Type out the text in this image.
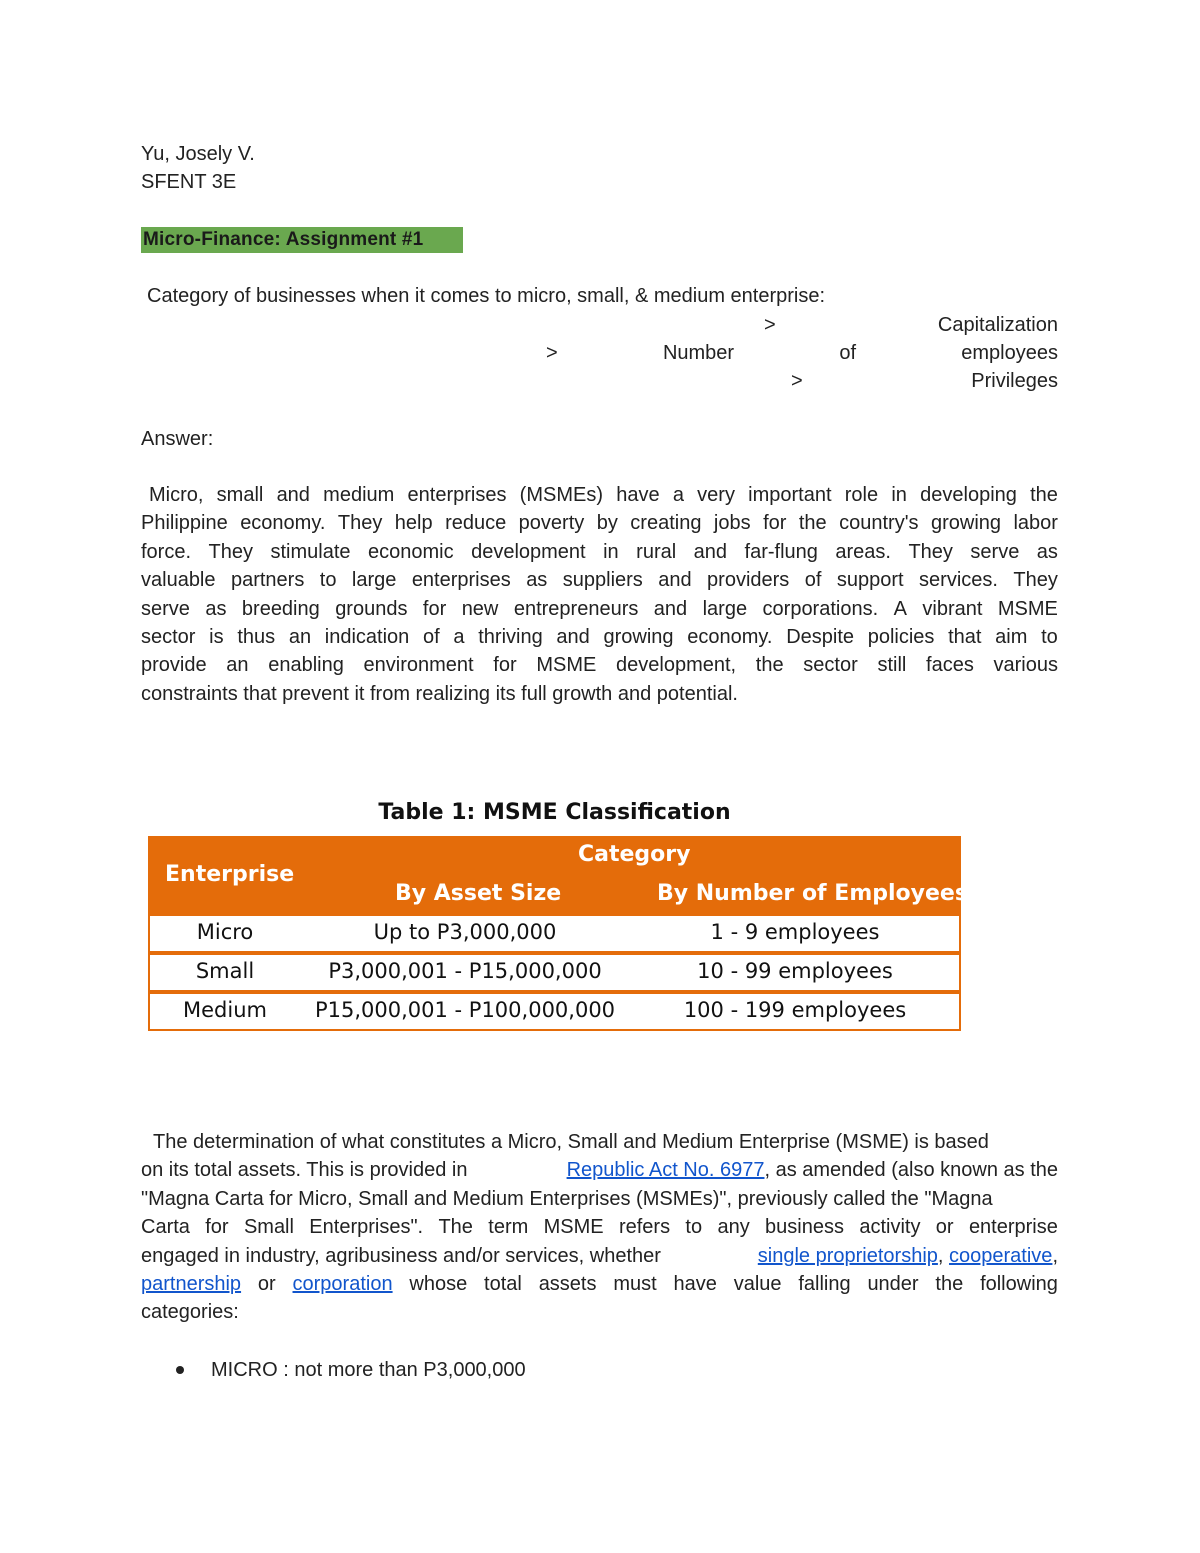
Yu, Josely V.
SFENT 3E
Micro-Finance: Assignment #1
Category of businesses when it comes to micro, small, & medium enterprise:
>	Capitalization
>	Number	of	employees
>	Privileges
Answer:
Micro, small and medium enterprises (MSMEs) have a very important role in developing the
Philippine economy. They help reduce poverty by creating jobs for the country's growing labor
force. They stimulate economic development in rural and far-flung areas. They serve as
valuable partners to large enterprises as suppliers and providers of support services. They
serve as breeding grounds for new entrepreneurs and large corporations. A vibrant MSME
sector is thus an indication of a thriving and growing economy. Despite policies that aim to
provide an enabling environment for MSME development, the sector still faces various
constraints that prevent it from realizing its full growth and potential.
Table 1: MSME Classification
Enterprise
Category
By Asset Size	By Number of Employees
Micro	Up to P3,000,000	1 - 9 employees
Small	P3,000,001 - P15,000,000	10 - 99 employees
Medium	P15,000,001 - P100,000,000	100 - 199 employees
The determination of what constitutes a Micro, Small and Medium Enterprise (MSME) is based
on its total assets. This is provided in	Republic Act No. 6977, as amended (also known as the
"Magna Carta for Micro, Small and Medium Enterprises (MSMEs)", previously called the "Magna
Carta for Small Enterprises". The term MSME refers to any business activity or enterprise
engaged in industry, agribusiness and/or services, whether	single proprietorship, cooperative,
partnership or corporation whose total assets must have value falling under the following
categories:
MICRO : not more than P3,000,000
